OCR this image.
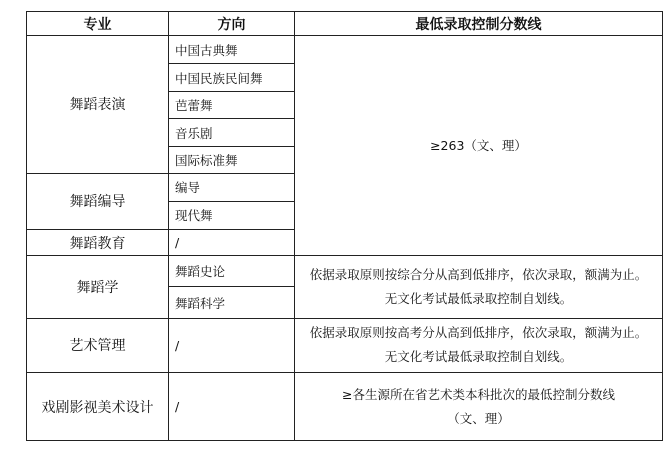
专业	方向	最低录取控制分数线
舞蹈表演	中国古典舞	≥263（文、理）
	中国民族民间舞	
	芭蕾舞	
	音乐剧	
	国际标准舞	
舞蹈编导	编导	
	现代舞	
舞蹈教育	/	
舞蹈学	舞蹈史论	依据录取原则按综合分从高到低排序，依次录取，额满为止。
无文化考试最低录取控制自划线。

	舞蹈科学	
艺术管理	/	依据录取原则按高考分从高到低排序，依次录取，额满为止。
无文化考试最低录取控制自划线。

戏剧影视美术设计	/	≥各生源所在省艺术类本科批次的最低控制分数线
（文、理）
